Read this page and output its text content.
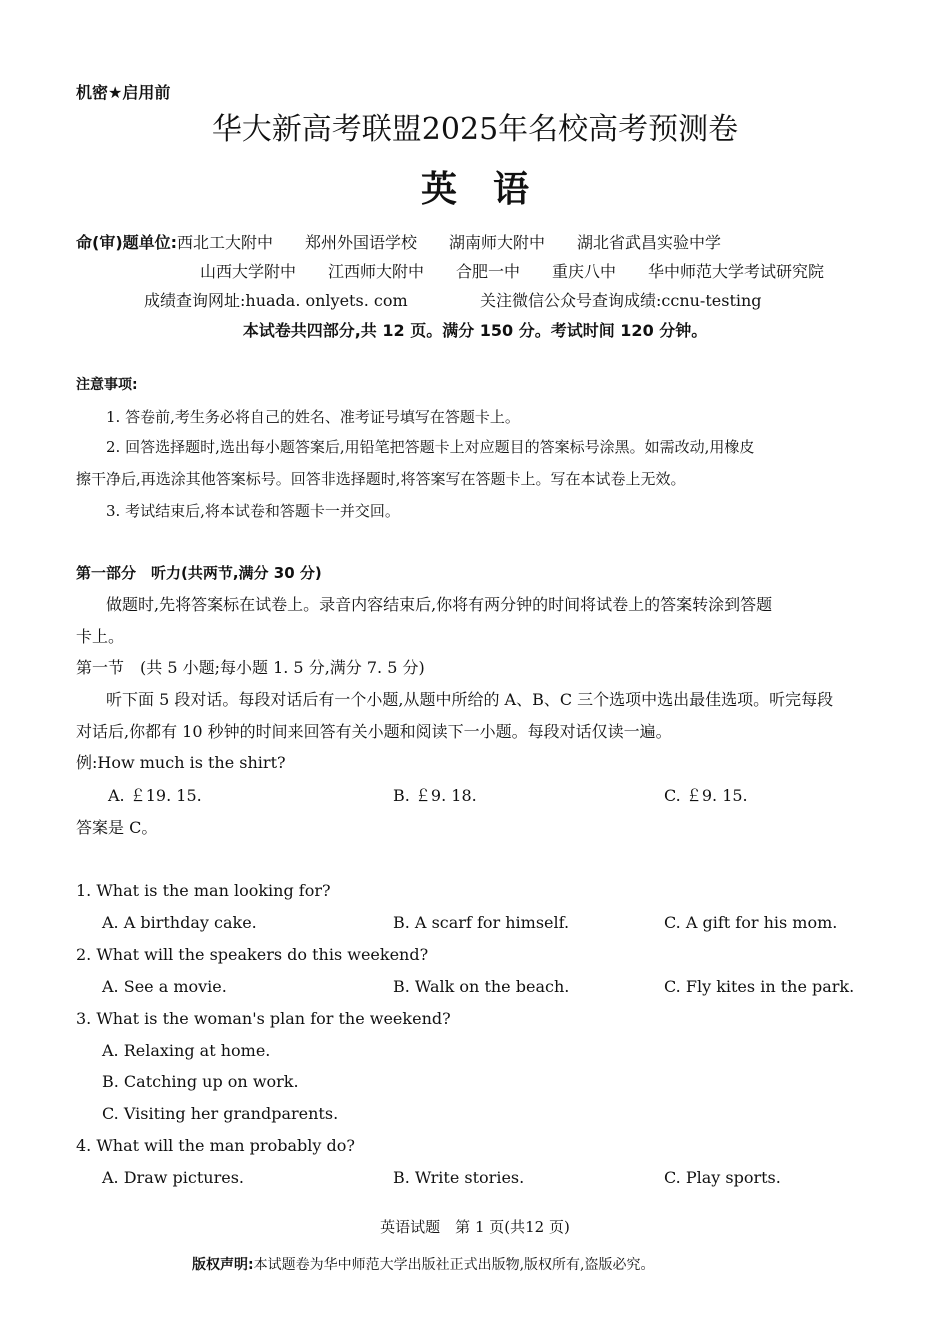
机密★启用前
华大新高考联盟2025年名校高考预测卷
英　语
命(审)题单位:西北工大附中　　郑州外国语学校　　湖南师大附中　　湖北省武昌实验中学
山西大学附中　　江西师大附中　　合肥一中　　重庆八中　　华中师范大学考试研究院
成绩查询网址:huada. onlyets. com	关注微信公众号查询成绩:ccnu-testing
本试卷共四部分,共 12 页。满分 150 分。考试时间 120 分钟。
注意事项:
1. 答卷前,考生务必将自己的姓名、准考证号填写在答题卡上。
2. 回答选择题时,选出每小题答案后,用铅笔把答题卡上对应题目的答案标号涂黑。如需改动,用橡皮
擦干净后,再选涂其他答案标号。回答非选择题时,将答案写在答题卡上。写在本试卷上无效。
3. 考试结束后,将本试卷和答题卡一并交回。
第一部分　听力(共两节,满分 30 分)
做题时,先将答案标在试卷上。录音内容结束后,你将有两分钟的时间将试卷上的答案转涂到答题
卡上。
第一节　(共 5 小题;每小题 1. 5 分,满分 7. 5 分)
听下面 5 段对话。每段对话后有一个小题,从题中所给的 A、B、C 三个选项中选出最佳选项。听完每段
对话后,你都有 10 秒钟的时间来回答有关小题和阅读下一小题。每段对话仅读一遍。
例:How much is the shirt?
A. ￡19. 15.	B. ￡9. 18.	C. ￡9. 15.
答案是 C。
1. What is the man looking for?
A. A birthday cake.	B. A scarf for himself.	C. A gift for his mom.
2. What will the speakers do this weekend?
A. See a movie.	B. Walk on the beach.	C. Fly kites in the park.
3. What is the woman's plan for the weekend?
A. Relaxing at home.
B. Catching up on work.
C. Visiting her grandparents.
4. What will the man probably do?
A. Draw pictures.	B. Write stories.	C. Play sports.
英语试题　第 1 页(共12 页)
版权声明:本试题卷为华中师范大学出版社正式出版物,版权所有,盗版必究。
